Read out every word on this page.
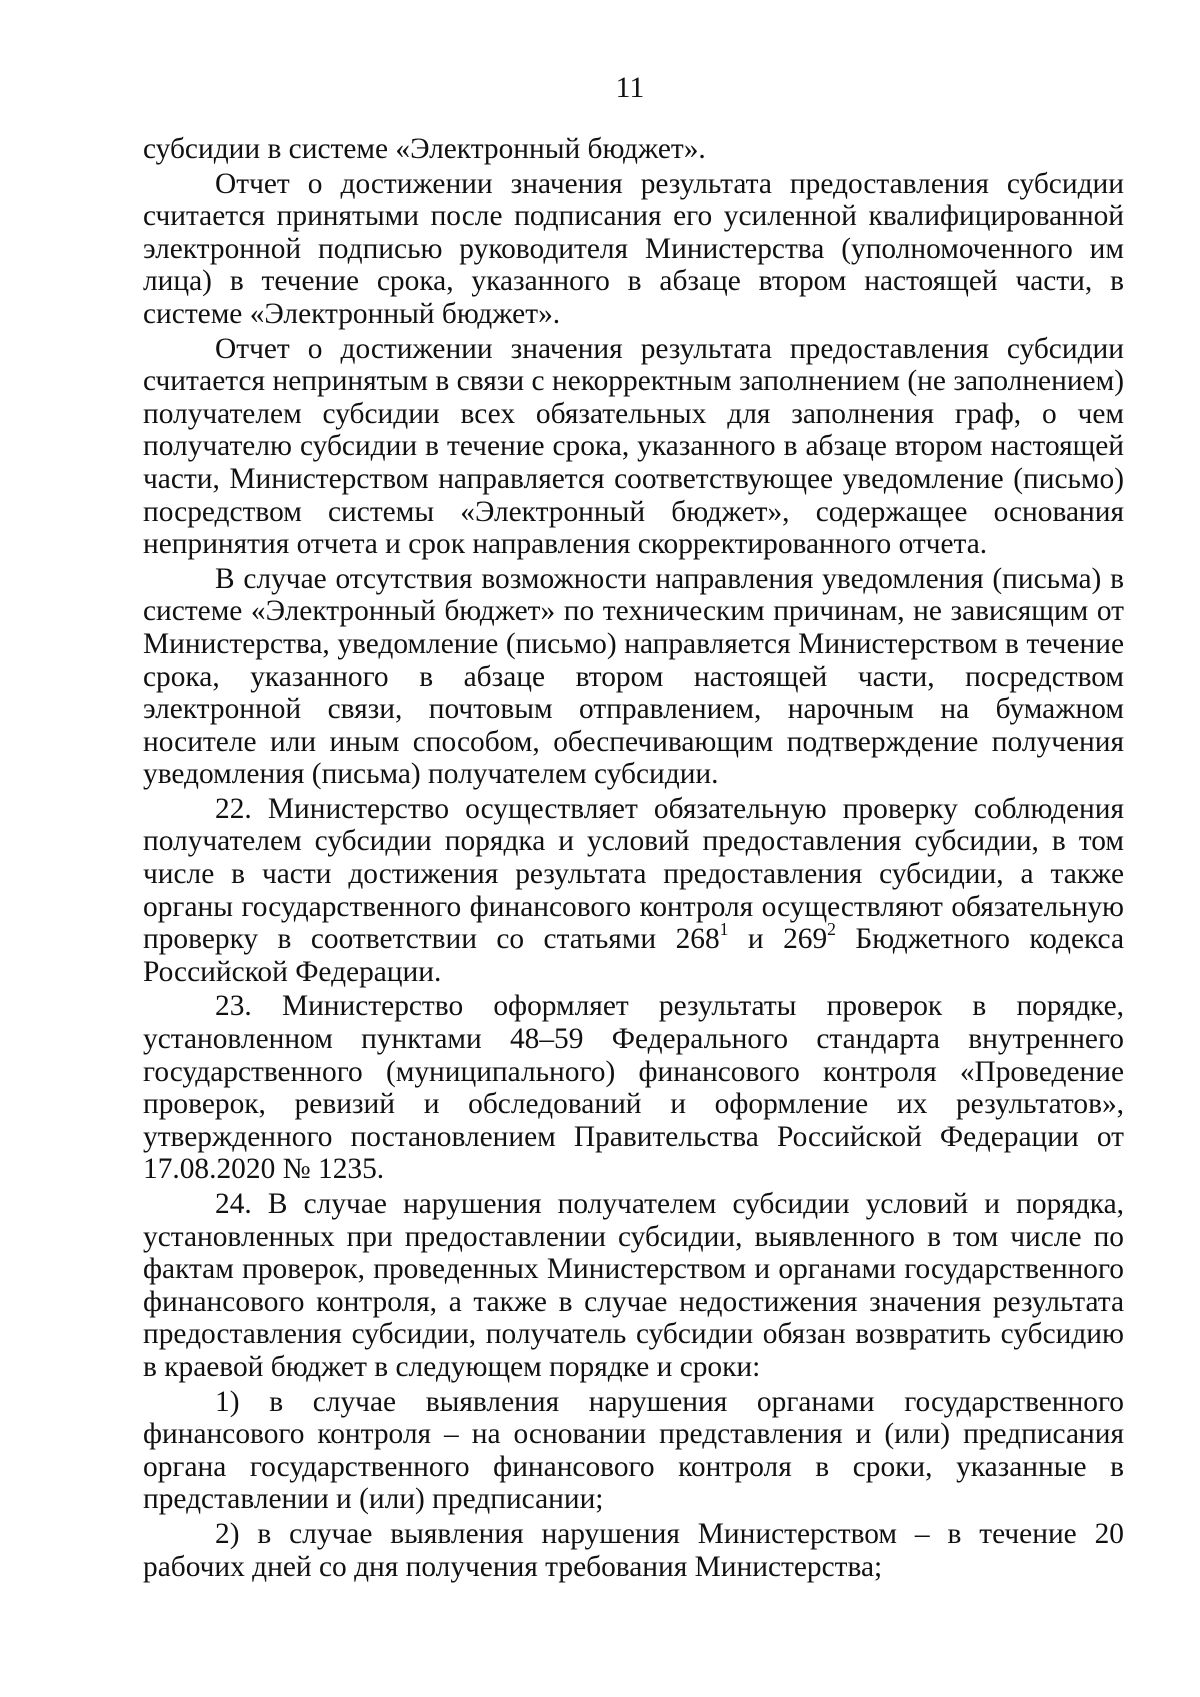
11

субсидии в системе «Электронный бюджет».

Отчет о достижении значения результата предоставления субсидии считается принятыми после подписания его усиленной квалифицированной электронной подписью руководителя Министерства (уполномоченного им лица) в течение срока, указанного в абзаце втором настоящей части, в системе «Электронный бюджет».

Отчет о достижении значения результата предоставления субсидии считается непринятым в связи с некорректным заполнением (не заполнением) получателем субсидии всех обязательных для заполнения граф, о чем получателю субсидии в течение срока, указанного в абзаце втором настоящей части, Министерством направляется соответствующее уведомление (письмо) посредством системы «Электронный бюджет», содержащее основания непринятия отчета и срок направления скорректированного отчета.

В случае отсутствия возможности направления уведомления (письма) в системе «Электронный бюджет» по техническим причинам, не зависящим от Министерства, уведомление (письмо) направляется Министерством в течение срока, указанного в абзаце втором настоящей части, посредством электронной связи, почтовым отправлением, нарочным на бумажном носителе или иным способом, обеспечивающим подтверждение получения уведомления (письма) получателем субсидии.

22. Министерство осуществляет обязательную проверку соблюдения получателем субсидии порядка и условий предоставления субсидии, в том числе в части достижения результата предоставления субсидии, а также органы государственного финансового контроля осуществляют обязательную проверку в соответствии со статьями $268^1$ и $269^2$ Бюджетного кодекса Российской Федерации.

23. Министерство оформляет результаты проверок в порядке, установленном пунктами 48–59 Федерального стандарта внутреннего государственного (муниципального) финансового контроля «Проведение проверок, ревизий и обследований и оформление их результатов», утвержденного постановлением Правительства Российской Федерации от 17.08.2020 № 1235.

24. В случае нарушения получателем субсидии условий и порядка, установленных при предоставлении субсидии, выявленного в том числе по фактам проверок, проведенных Министерством и органами государственного финансового контроля, а также в случае недостижения значения результата предоставления субсидии, получатель субсидии обязан возвратить субсидию в краевой бюджет в следующем порядке и сроки:

1) в случае выявления нарушения органами государственного финансового контроля – на основании представления и (или) предписания органа государственного финансового контроля в сроки, указанные в представлении и (или) предписании;

2) в случае выявления нарушения Министерством – в течение 20 рабочих дней со дня получения требования Министерства;
